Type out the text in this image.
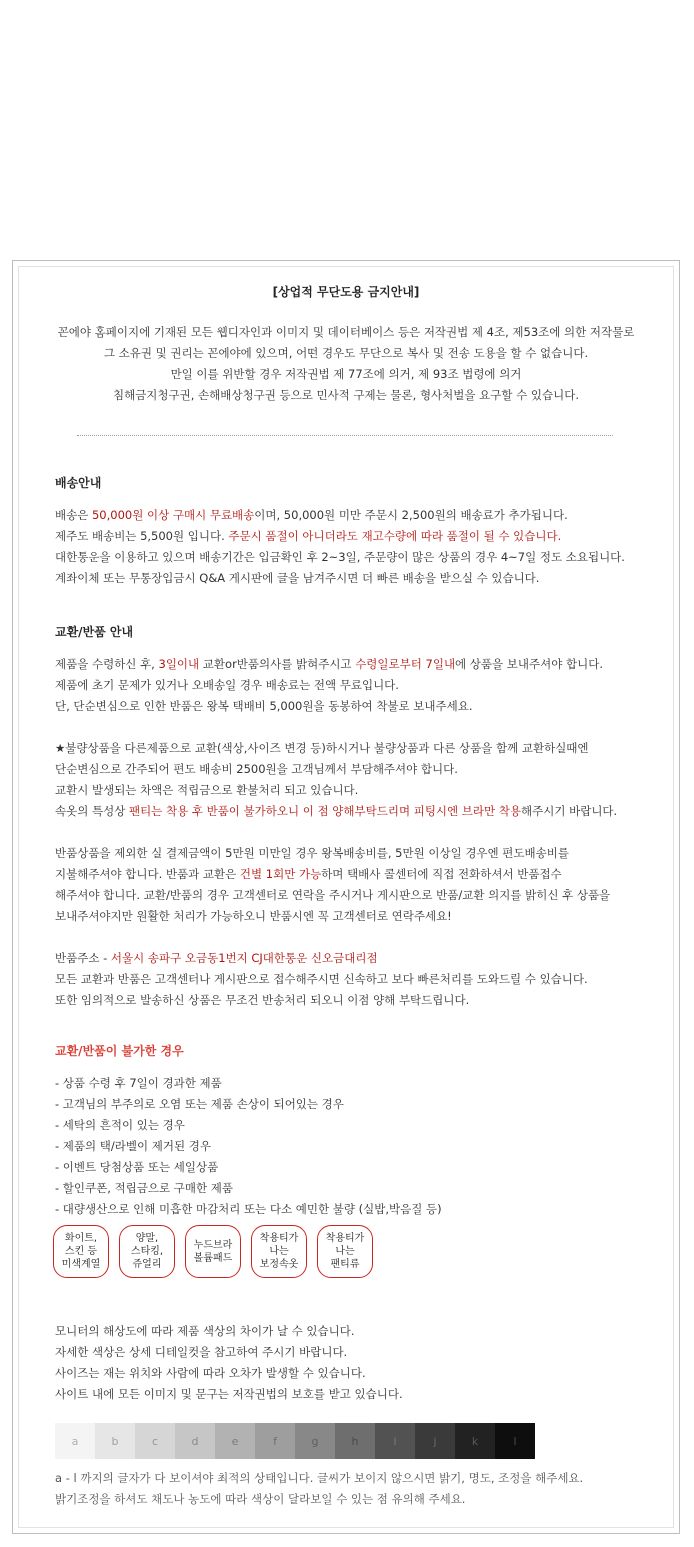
[상업적 무단도용 금지안내]

꼰에야 홈페이지에 기재된 모든 웹디자인과 이미지 및 데이터베이스 등은 저작권법 제 4조, 제53조에 의한 저작물로

그 소유권 및 권리는 꼰에야에 있으며, 어떤 경우도 무단으로 복사 및 전송 도용을 할 수 없습니다.

만일 이를 위반할 경우 저작권법 제 77조에 의거, 제 93조 법령에 의거

침해금지청구권, 손해배상청구권 등으로 민사적 구제는 물론, 형사처벌을 요구할 수 있습니다.

배송안내

배송은 50,000원 이상 구매시 무료배송이며, 50,000원 미만 주문시 2,500원의 배송료가 추가됩니다.

제주도 배송비는 5,500원 입니다. 주문시 품절이 아니더라도 재고수량에 따라 품절이 될 수 있습니다.

대한통운을 이용하고 있으며 배송기간은 입금확인 후 2~3일, 주문량이 많은 상품의 경우 4~7일 정도 소요됩니다.

계좌이체 또는 무통장입금시 Q&A 게시판에 글을 남겨주시면 더 빠른 배송을 받으실 수 있습니다.

교환/반품 안내

제품을 수령하신 후, 3일이내 교환or반품의사를 밝혀주시고 수령일로부터 7일내에 상품을 보내주셔야 합니다.

제품에 초기 문제가 있거나 오배송일 경우 배송료는 전액 무료입니다.

단, 단순변심으로 인한 반품은 왕복 택배비 5,000원을 동봉하여 착불로 보내주세요.

★불량상품을 다른제품으로 교환(색상,사이즈 변경 등)하시거나 불량상품과 다른 상품을 함께 교환하실때엔

단순변심으로 간주되어 편도 배송비 2500원을 고객님께서 부담해주셔야 합니다.

교환시 발생되는 차액은 적립금으로 환불처리 되고 있습니다.

속옷의 특성상 팬티는 착용 후 반품이 불가하오니 이 점 양해부탁드리며 피팅시엔 브라만 착용해주시기 바랍니다.

반품상품을 제외한 실 결제금액이 5만원 미만일 경우 왕복배송비를, 5만원 이상일 경우엔 편도배송비를

지불해주셔야 합니다. 반품과 교환은 건별 1회만 가능하며 택배사 콜센터에 직접 전화하셔서 반품접수

해주셔야 합니다. 교환/반품의 경우 고객센터로 연락을 주시거나 게시판으로 반품/교환 의지를 밝히신 후 상품을

보내주셔야지만 원활한 처리가 가능하오니 반품시엔 꼭 고객센터로 연락주세요!

반품주소 - 서울시 송파구 오금동1번지 CJ대한통운 신오금대리점

모든 교환과 반품은 고객센터나 게시판으로 접수해주시면 신속하고 보다 빠른처리를 도와드릴 수 있습니다.

또한 임의적으로 발송하신 상품은 무조건 반송처리 되오니 이점 양해 부탁드립니다.

교환/반품이 불가한 경우

- 상품 수령 후 7일이 경과한 제품

- 고객님의 부주의로 오염 또는 제품 손상이 되어있는 경우

- 세탁의 흔적이 있는 경우

- 제품의 택/라벨이 제거된 경우

- 이벤트 당첨상품 또는 세일상품

- 할인쿠폰, 적립금으로 구매한 제품

- 대량생산으로 인해 미흡한 마감처리 또는 다소 예민한 불량 (실밥,박음질 등)

화이트,
스킨 등
미색계열
양말,
스타킹,
쥬얼리
누드브라
볼륨패드
착용티가
나는
보정속옷
착용티가
나는
팬티류

모니터의 해상도에 따라 제품 색상의 차이가 날 수 있습니다.

자세한 색상은 상세 디테일컷을 참고하여 주시기 바랍니다.

사이즈는 재는 위치와 사람에 따라 오차가 발생할 수 있습니다.

사이트 내에 모든 이미지 및 문구는 저작권법의 보호를 받고 있습니다.

a	b	c	d	e	f	g	h	i	j	k	l

a - l 까지의 글자가 다 보이셔야 최적의 상태입니다. 글씨가 보이지 않으시면 밝기, 명도, 조정을 해주세요.

밝기조정을 하셔도 채도나 농도에 따라 색상이 달라보일 수 있는 점 유의해 주세요.
